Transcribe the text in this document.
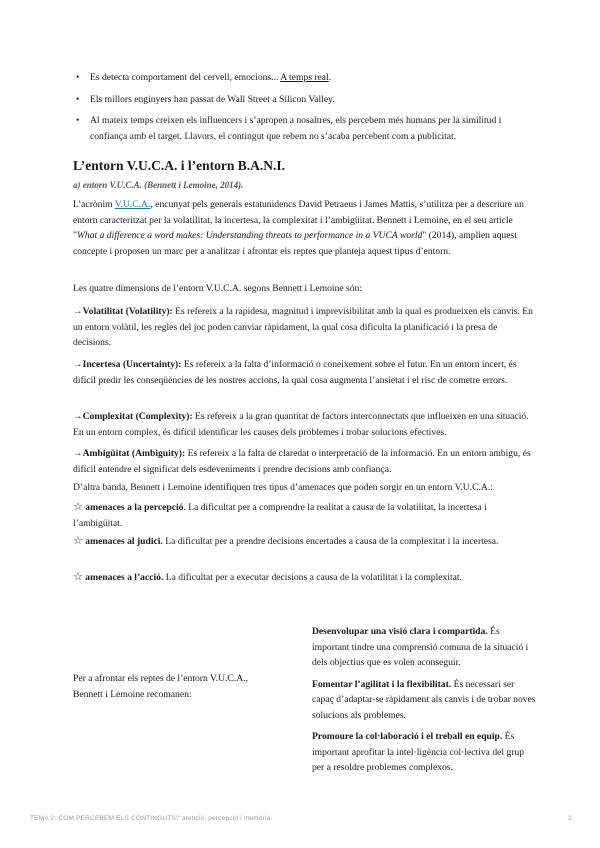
• Es detecta comportament del cervell, emocions... A temps real.
• Els millors enginyers han passat de Wall Street a Silicon Valley.
• Al mateix temps creixen els influencers i s’apropen a nosaltres, els percebem més humans per la similitud i confiança amb el target. Llavors, el contingut que rebem no s’acaba percebent com a publicitat.
L’entorn V.U.C.A. i l’entorn B.A.N.I.
a) entorn V.U.C.A. (Bennett i Lemoine, 2014).

L’acrònim V.U.C.A., encunyat pels generals estatunidencs David Petraeus i James Mattis, s’utilitza per a descriure un entorn caracteritzat per la volatilitat, la incertesa, la complexitat i l’ambigüitat. Bennett i Lemoine, en el seu article "What a difference a word makes: Understanding threats to performance in a VUCA world" (2014), amplien aquest concepte i proposen un marc per a analitzar i afrontar els reptes que planteja aquest tipus d’entorn.

Les quatre dimensions de l’entorn V.U.C.A. segons Bennett i Lemoine són:

→Volatilitat (Volatility): Es refereix a la rapidesa, magnitud i imprevisibilitat amb la qual es produeixen els canvis. En un entorn volàtil, les regles del joc poden canviar ràpidament, la qual cosa dificulta la planificació i la presa de decisions.

→Incertesa (Uncertainty): Es refereix a la falta d’informació o coneixement sobre el futur. En un entorn incert, és difícil predir les conseqüències de les nostres accions, la qual cosa augmenta l’ansietat i el risc de cometre errors.

→Complexitat (Complexity): Es refereix a la gran quantitat de factors interconnectats que influeixen en una situació. En un entorn complex, és difícil identificar les causes dels problemes i trobar solucions efectives.

→Ambigüitat (Ambiguity): Es refereix a la falta de claredat o interpretació de la informació. En un entorn ambigu, és difícil entendre el significat dels esdeveniments i prendre decisions amb confiança.

D’altra banda, Bennett i Lemoine identifiquen tres tipus d’amenaces que poden sorgir en un entorn V.U.C.A.:

☆ amenaces a la percepció. La dificultat per a comprendre la realitat a causa de la volatilitat, la incertesa i l’ambigüitat.

☆ amenaces al judici. La dificultat per a prendre decisions encertades a causa de la complexitat i la incertesa.

☆ amenaces a l’acció. La dificultat per a executar decisions a causa de la volatilitat i la complexitat.

Per a afrontar els reptes de l’entorn V.U.C.A., Bennett i Lemoine recomanen:

Desenvolupar una visió clara i compartida. És important tindre una comprensió comuna de la situació i dels objectius que es volen aconseguir.

Fomentar l’agilitat i la flexibilitat. És necessari ser capaç d’adaptar-se ràpidament als canvis i de trobar noves solucions als problemes.

Promoure la col·laboració i el treball en equip. És important aprofitar la intel·ligència col·lectiva del grup per a resoldre problemes complexos.

TEMA 2: COM PERCEBEM ELS CONTINGUTS? atenció, percepció i memòria.	2
